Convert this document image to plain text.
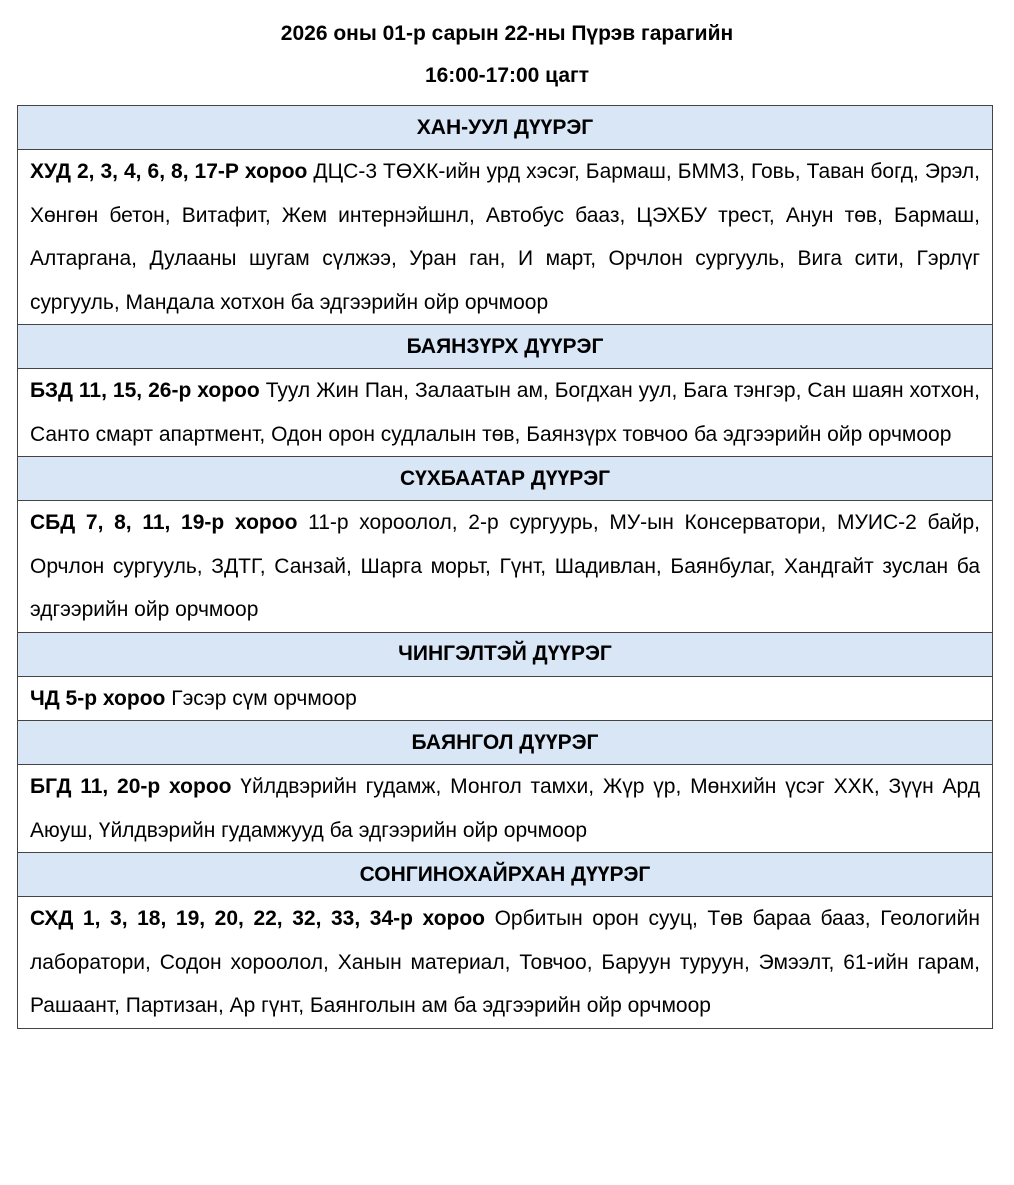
2026 оны 01-р сарын 22-ны Пүрэв гарагийн
16:00-17:00 цагт
ХАН-УУЛ ДҮҮРЭГ
ХУД 2, 3, 4, 6, 8, 17-Р хороо ДЦС-3 ТӨХК-ийн урд хэсэг, Бармаш, БММЗ, Говь, Таван богд, Эрэл, Хөнгөн бетон, Витафит, Жем интернэйшнл, Автобус бааз, ЦЭХБУ трест, Анун төв, Бармаш, Алтаргана, Дулааны шугам сүлжээ, Уран ган, И март, Орчлон сургууль, Вига сити, Гэрлүг сургууль, Мандала хотхон ба эдгээрийн ойр орчмоор
БАЯНЗҮРХ ДҮҮРЭГ
БЗД 11, 15, 26-р хороо Туул Жин Пан, Залаатын ам, Богдхан уул, Бага тэнгэр, Сан шаян хотхон, Санто смарт апартмент, Одон орон судлалын төв, Баянзүрх товчоо ба эдгээрийн ойр орчмоор
СҮХБААТАР ДҮҮРЭГ
СБД 7, 8, 11, 19-р хороо 11-р хороолол, 2-р сургуурь, МУ-ын Консерватори, МУИС-2 байр, Орчлон сургууль, ЗДТГ, Санзай, Шарга морьт, Гүнт, Шадивлан, Баянбулаг, Хандгайт зуслан ба эдгээрийн ойр орчмоор
ЧИНГЭЛТЭЙ ДҮҮРЭГ
ЧД 5-р хороо Гэсэр сүм орчмоор
БАЯНГОЛ ДҮҮРЭГ
БГД 11, 20-р хороо Үйлдвэрийн гудамж, Монгол тамхи, Жүр үр, Мөнхийн үсэг ХХК, Зүүн Ард Аюуш, Үйлдвэрийн гудамжууд ба эдгээрийн ойр орчмоор
СОНГИНОХАЙРХАН ДҮҮРЭГ
СХД 1, 3, 18, 19, 20, 22, 32, 33, 34-р хороо Орбитын орон сууц, Төв бараа бааз, Геологийн лаборатори, Содон хороолол, Ханын материал, Товчоо, Баруун туруун, Эмээлт, 61-ийн гарам, Рашаант, Партизан, Ар гүнт, Баянголын ам ба эдгээрийн ойр орчмоор
